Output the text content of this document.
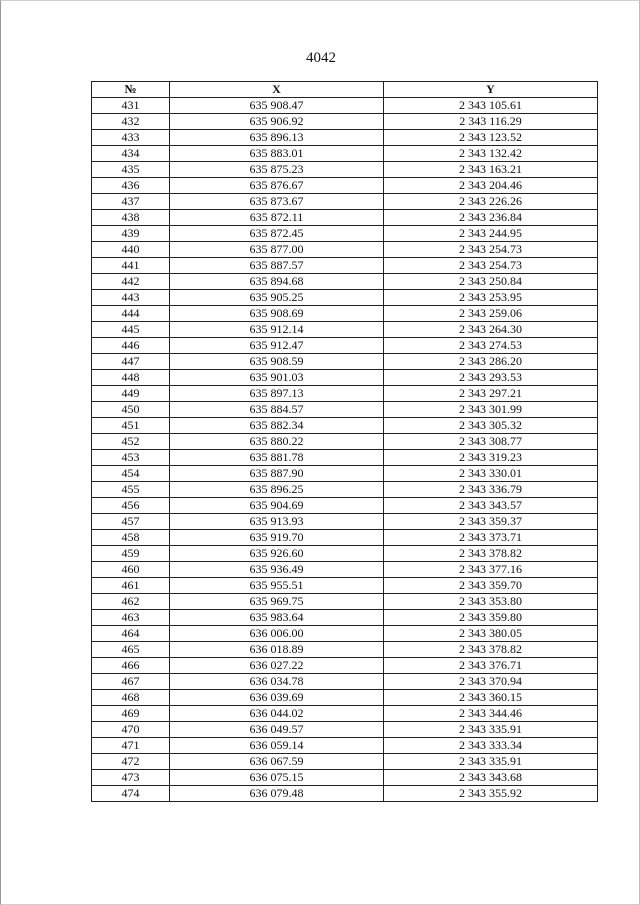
4042
№	X	Y
431	635 908.47	2 343 105.61
432	635 906.92	2 343 116.29
433	635 896.13	2 343 123.52
434	635 883.01	2 343 132.42
435	635 875.23	2 343 163.21
436	635 876.67	2 343 204.46
437	635 873.67	2 343 226.26
438	635 872.11	2 343 236.84
439	635 872.45	2 343 244.95
440	635 877.00	2 343 254.73
441	635 887.57	2 343 254.73
442	635 894.68	2 343 250.84
443	635 905.25	2 343 253.95
444	635 908.69	2 343 259.06
445	635 912.14	2 343 264.30
446	635 912.47	2 343 274.53
447	635 908.59	2 343 286.20
448	635 901.03	2 343 293.53
449	635 897.13	2 343 297.21
450	635 884.57	2 343 301.99
451	635 882.34	2 343 305.32
452	635 880.22	2 343 308.77
453	635 881.78	2 343 319.23
454	635 887.90	2 343 330.01
455	635 896.25	2 343 336.79
456	635 904.69	2 343 343.57
457	635 913.93	2 343 359.37
458	635 919.70	2 343 373.71
459	635 926.60	2 343 378.82
460	635 936.49	2 343 377.16
461	635 955.51	2 343 359.70
462	635 969.75	2 343 353.80
463	635 983.64	2 343 359.80
464	636 006.00	2 343 380.05
465	636 018.89	2 343 378.82
466	636 027.22	2 343 376.71
467	636 034.78	2 343 370.94
468	636 039.69	2 343 360.15
469	636 044.02	2 343 344.46
470	636 049.57	2 343 335.91
471	636 059.14	2 343 333.34
472	636 067.59	2 343 335.91
473	636 075.15	2 343 343.68
474	636 079.48	2 343 355.92
